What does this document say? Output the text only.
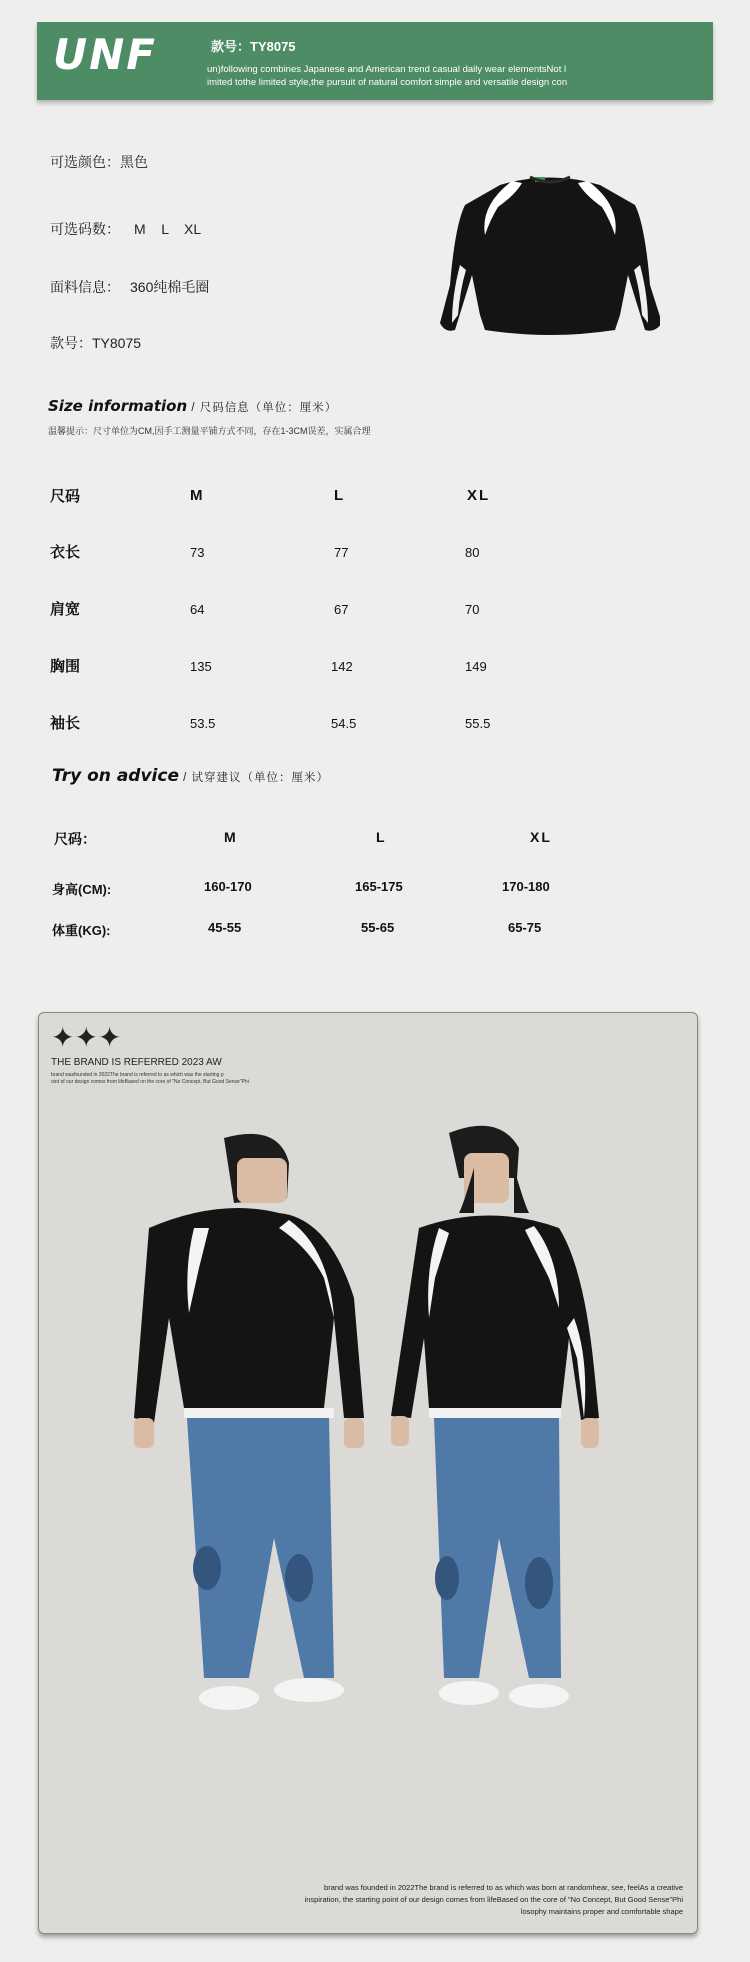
UNF	款号：TY8075
un)following combines Japanese and American trend casual daily wear elementsNot l
imited tothe limited style,the pursuit of natural comfort simple and versatile design con
可选颜色：黑色
可选码数： M    L    XL
面料信息： 360纯棉毛圈
款号：TY8075
Size information / 尺码信息（单位：厘米）
温馨提示：尺寸单位为CM,因手工测量平铺方式不同，存在1-3CM误差，实属合理
尺码	M	L	XL
衣长	73	77	80
肩宽	64	67	70
胸围	135	142	149
袖长	53.5	54.5	55.5
Try on advice / 试穿建议（单位：厘米）
尺码：	M	L	XL
身高(CM):	160-170	165-175	170-180
体重(KG):	45-55	55-65	65-75
✦✦✦
THE BRAND IS REFERRED 2023 AW
brand wasfounded in 2022The brand is referred to as which was the starting p
oint of our design comes from lifeBased on the core of "No Concept, But Good Sense"Phi
brand was founded in 2022The brand is referred to as which was born at randomhear, see, feelAs a creative
inspiration, the starting point of our design comes from lifeBased on the core of "No Concept, But Good Sense"Phi
losophy maintains proper and comfortable shape
